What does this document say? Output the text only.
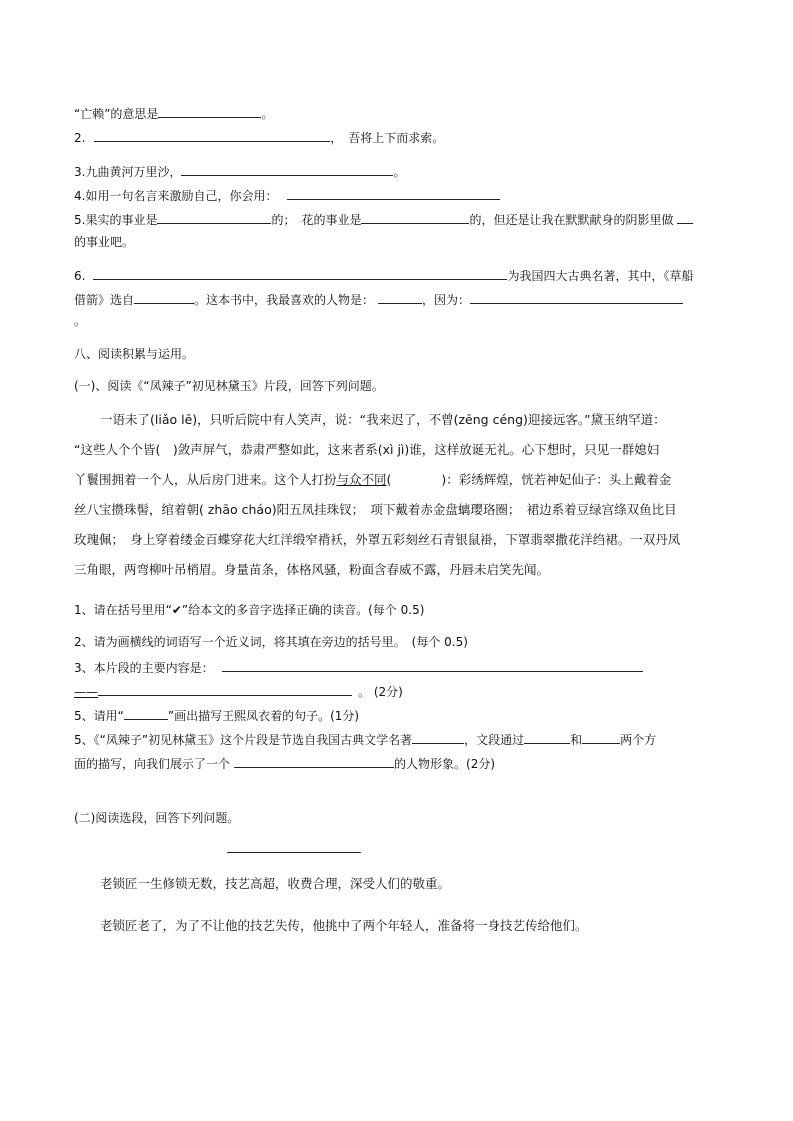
“亡赖”的意思是	。
2.	，　吾将上下而求索。
3.九曲黄河万里沙，	。
4.如用一句名言来激励自己，你会用：
5.果实的事业是	的；　花的事业是	的，但还是让我在默默献身的阴影里做
的事业吧。
6.	为我国四大古典名著，其中，《草船
借箭》选自	。这本书中，我最喜欢的人物是：	，因为：
。
八、阅读积累与运用。
(一)、阅读《“凤辣子”初见林黛玉》片段，回答下列问题。
一语未了(liǎo lē)，只听后院中有人笑声，说：“我来迟了，不曾(zēng céng)迎接远客。”黛玉纳罕道：
“这些人个个皆(　)敛声屏气，恭肃严整如此，这来者系(xì jì)谁，这样放诞无礼。心下想时，只见一群媳妇
丫鬟围拥着一个人，从后房门进来。这个人打扮与众不同(　　　　)：彩绣辉煌，恍若神妃仙子：头上戴着金
丝八宝攒珠髻，绾着朝( zhāo cháo)阳五凤挂珠钗；　项下戴着赤金盘螭璎珞圈；　裙边系着豆绿宫绦双鱼比目
玫瑰佩；　身上穿着缕金百蝶穿花大红洋缎窄褙袄，外罩五彩刻丝石青银鼠褂，下罩翡翠撒花洋绉裙。一双丹凤
三角眼，两弯柳叶吊梢眉。身量苗条，体格风骚，粉面含春威不露，丹唇未启笑先闻。
1、请在括号里用“✔”给本文的多音字选择正确的读音。(每个 0.5)
2、请为画横线的词语写一个近义词，将其填在旁边的括号里。　(每个 0.5)
3、本片段的主要内容是：
——	。 (2分)
5、请用“	”画出描写王熙凤衣着的句子。(1分)
5、《“凤辣子”初见林黛玉》这个片段是节选自我国古典文学名著	，文段通过	和	两个方
面的描写，向我们展示了一个	的人物形象。(2分)
(二)阅读选段，回答下列问题。
老锁匠一生修锁无数，技艺高超，收费合理，深受人们的敬重。
老锁匠老了，为了不让他的技艺失传，他挑中了两个年轻人，准备将一身技艺传给他们。
